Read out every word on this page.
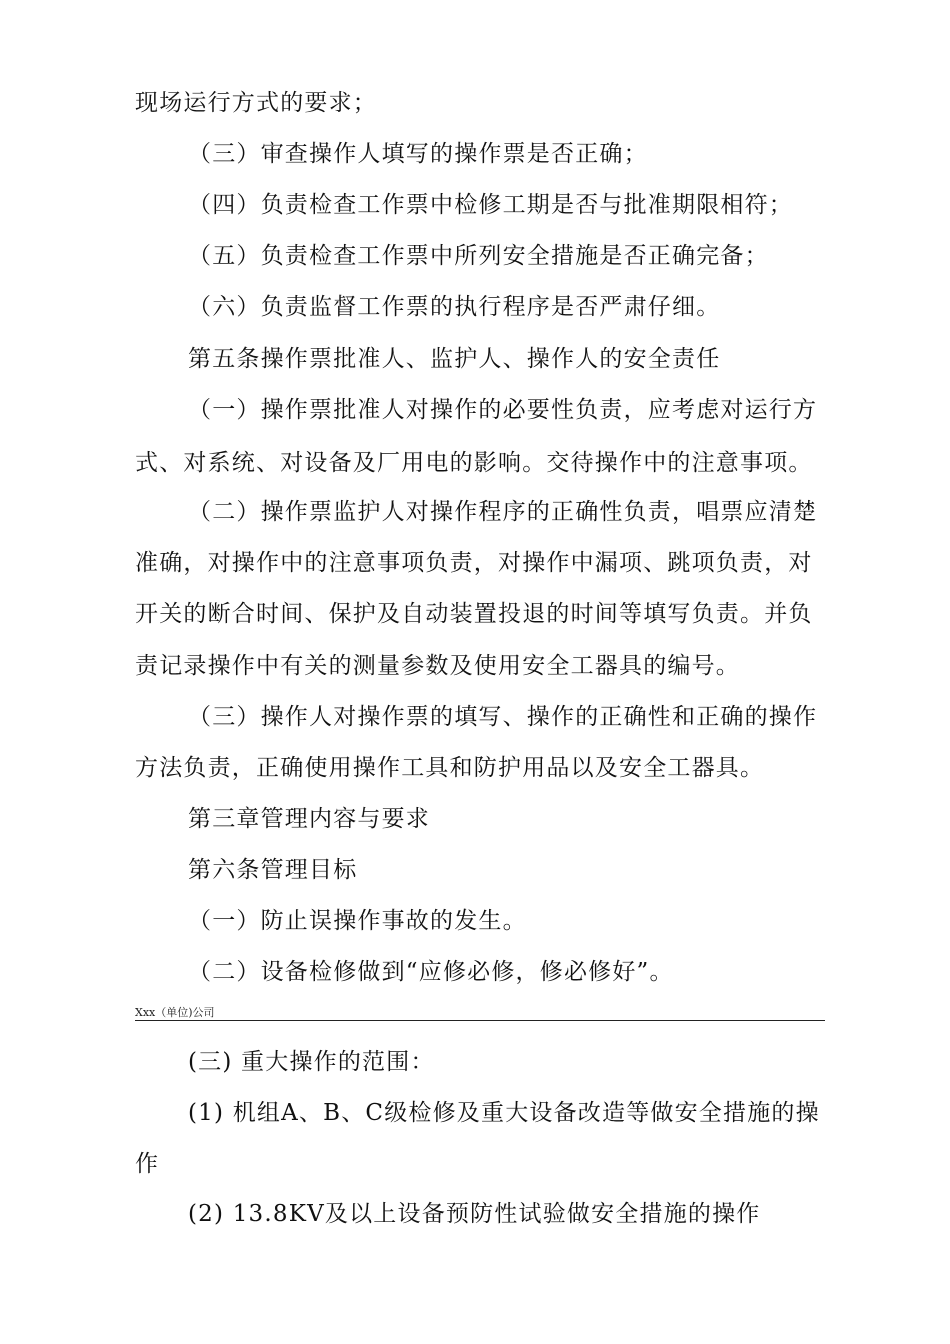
现场运行方式的要求；
（三）审查操作人填写的操作票是否正确；
（四）负责检查工作票中检修工期是否与批准期限相符；
（五）负责检查工作票中所列安全措施是否正确完备；
（六）负责监督工作票的执行程序是否严肃仔细。
第五条操作票批准人、监护人、操作人的安全责任
（一）操作票批准人对操作的必要性负责，应考虑对运行方
式、对系统、对设备及厂用电的影响。交待操作中的注意事项。
（二）操作票监护人对操作程序的正确性负责，唱票应清楚
准确，对操作中的注意事项负责，对操作中漏项、跳项负责，对
开关的断合时间、保护及自动装置投退的时间等填写负责。并负
责记录操作中有关的测量参数及使用安全工器具的编号。
（三）操作人对操作票的填写、操作的正确性和正确的操作
方法负责，正确使用操作工具和防护用品以及安全工器具。
第三章管理内容与要求
第六条管理目标
（一）防止误操作事故的发生。
（二）设备检修做到“应修必修，修必修好”。
Xxx（单位)公司
(三) 重大操作的范围：
(1) 机组A、B、C级检修及重大设备改造等做安全措施的操
作
(2) 13.8KV及以上设备预防性试验做安全措施的操作
